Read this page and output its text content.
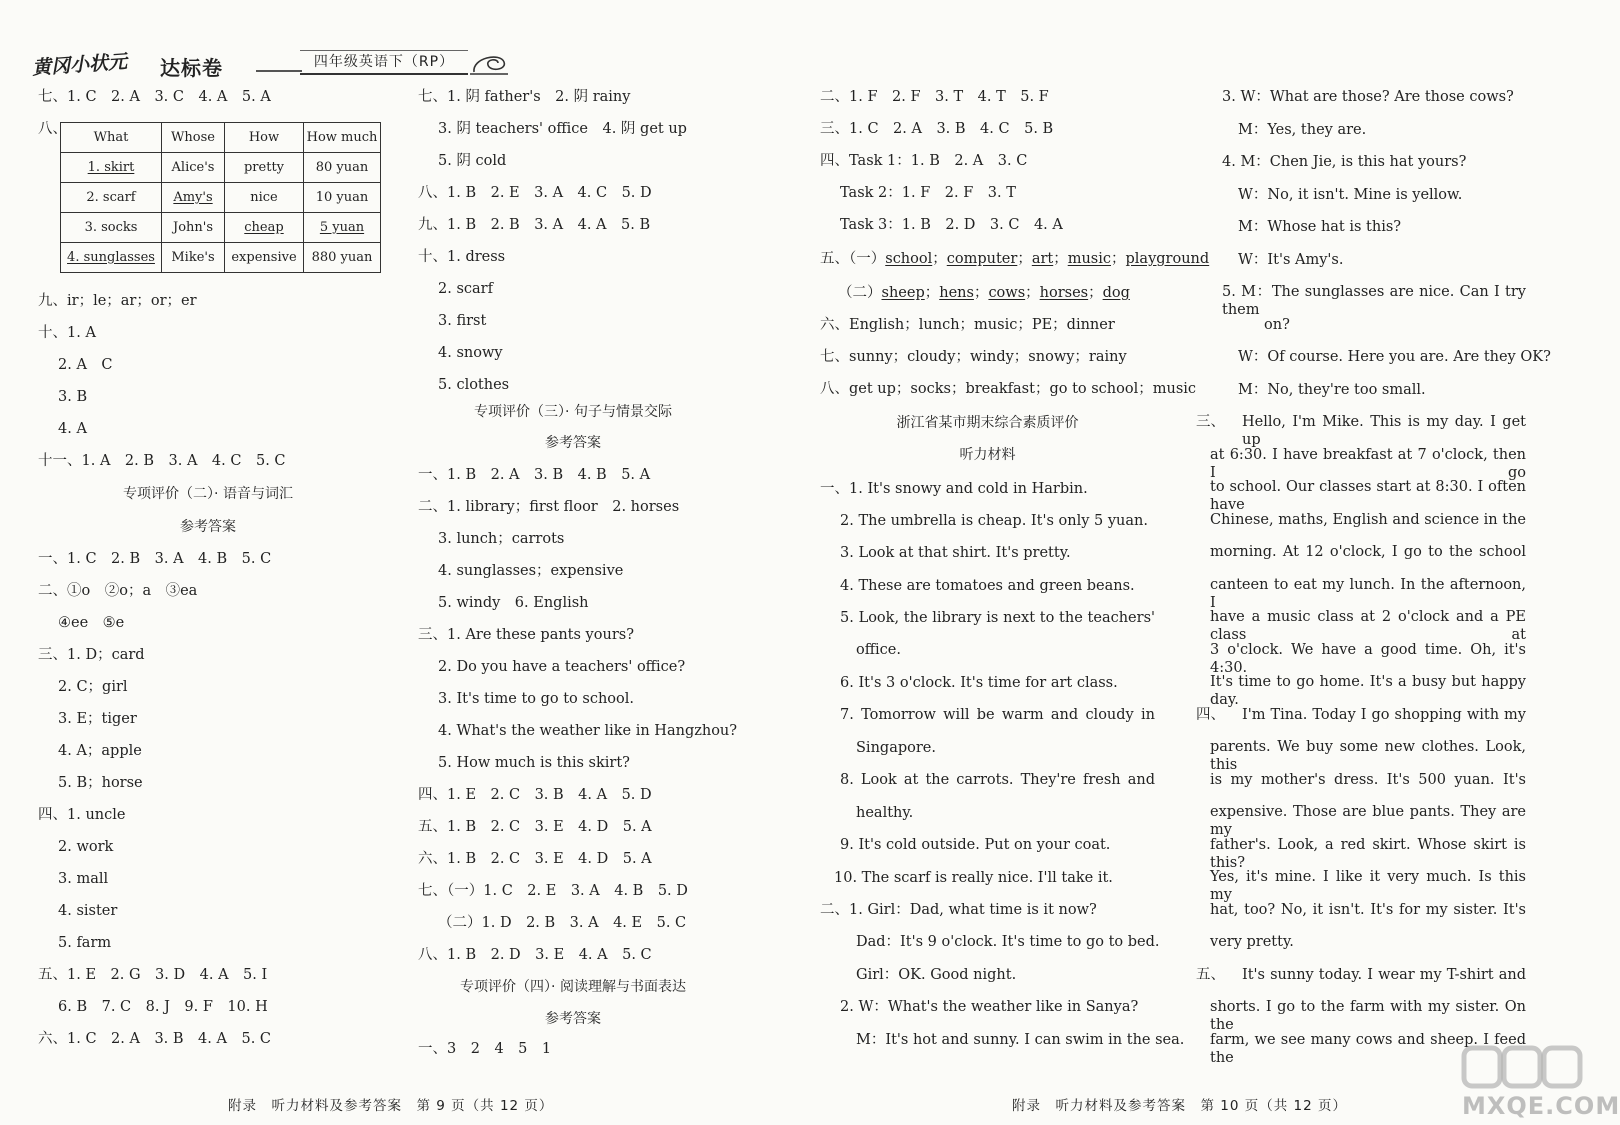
黄冈小状元 达标卷	四年级英语下（RP）
七、1. C　2. A　3. C　4. A　5. A
八、
九、ir；le；ar；or；er
十、1. A
2. A　C
3. B
4. A
十一、1. A　2. B　3. A　4. C　5. C
专项评价（二）· 语音与词汇
参考答案
一、1. C　2. B　3. A　4. B　5. C
二、①o　②o；a　③ea
④ee　⑤e
三、1. D；card
2. C；girl
3. E；tiger
4. A；apple
5. B；horse
四、1. uncle
2. work
3. mall
4. sister
5. farm
五、1. E　2. G　3. D　4. A　5. I
6. B　7. C　8. J　9. F　10. H
六、1. C　2. A　3. B　4. A　5. C
What	Whose	How	How much
1. skirt	Alice's	pretty	80 yuan
2. scarf	Amy's	nice	10 yuan
3. socks	John's	cheap	5 yuan
4. sunglasses	Mike's	expensive	880 yuan
七、1. 阴 father's　2. 阴 rainy
3. 阴 teachers' office　4. 阴 get up
5. 阴 cold
八、1. B　2. E　3. A　4. C　5. D
九、1. B　2. B　3. A　4. A　5. B
十、1. dress
2. scarf
3. first
4. snowy
5. clothes
专项评价（三）· 句子与情景交际
参考答案
一、1. B　2. A　3. B　4. B　5. A
二、1. library；first floor　2. horses
3. lunch；carrots
4. sunglasses；expensive
5. windy　6. English
三、1. Are these pants yours?
2. Do you have a teachers' office?
3. It's time to go to school.
4. What's the weather like in Hangzhou?
5. How much is this skirt?
四、1. E　2. C　3. B　4. A　5. D
五、1. B　2. C　3. E　4. D　5. A
六、1. B　2. C　3. E　4. D　5. A
七、（一）1. C　2. E　3. A　4. B　5. D
（二）1. D　2. B　3. A　4. E　5. C
八、1. B　2. D　3. E　4. A　5. C
专项评价（四）· 阅读理解与书面表达
参考答案
一、3　2　4　5　1
附录　听力材料及参考答案　第 9 页（共 12 页）
二、1. F　2. F　3. T　4. T　5. F
三、1. C　2. A　3. B　4. C　5. B
四、Task 1：1. B　2. A　3. C
Task 2：1. F　2. F　3. T
Task 3：1. B　2. D　3. C　4. A
五、（一）school；computer；art；music；playground
（二）sheep；hens；cows；horses；dog
六、English；lunch；music；PE；dinner
七、sunny；cloudy；windy；snowy；rainy
八、get up；socks；breakfast；go to school；music
浙江省某市期末综合素质评价
听力材料
一、1. It's snowy and cold in Harbin.
2. The umbrella is cheap. It's only 5 yuan.
3. Look at that shirt. It's pretty.
4. These are tomatoes and green beans.
5. Look, the library is next to the teachers'
office.
6. It's 3 o'clock. It's time for art class.
7. Tomorrow will be warm and cloudy in
Singapore.
8. Look at the carrots. They're fresh and
healthy.
9. It's cold outside. Put on your coat.
10. The scarf is really nice. I'll take it.
二、1. Girl：Dad, what time is it now?
Dad：It's 9 o'clock. It's time to go to bed.
Girl：OK. Good night.
2. W：What's the weather like in Sanya?
M：It's hot and sunny. I can swim in the sea.
3. W：What are those? Are those cows?
M：Yes, they are.
4. M：Chen Jie, is this hat yours?
W：No, it isn't. Mine is yellow.
M：Whose hat is this?
W：It's Amy's.
5. M：The sunglasses are nice. Can I try them
on?
W：Of course. Here you are. Are they OK?
M：No, they're too small.
三、 Hello, I'm Mike. This is my day. I get up
at 6:30. I have breakfast at 7 o'clock, then I go
to school. Our classes start at 8:30. I often have
Chinese, maths, English and science in the
morning. At 12 o'clock, I go to the school
canteen to eat my lunch. In the afternoon, I
have a music class at 2 o'clock and a PE class at
3 o'clock. We have a good time. Oh, it's 4:30.
It's time to go home. It's a busy but happy day.
四、 I'm Tina. Today I go shopping with my
parents. We buy some new clothes. Look, this
is my mother's dress. It's 500 yuan. It's
expensive. Those are blue pants. They are my
father's. Look, a red skirt. Whose skirt is this?
Yes, it's mine. I like it very much. Is this my
hat, too? No, it isn't. It's for my sister. It's
very pretty.
五、 It's sunny today. I wear my T-shirt and
shorts. I go to the farm with my sister. On the
farm, we see many cows and sheep. I feed the
附录　听力材料及参考答案　第 10 页（共 12 页）	MXQE.COM
